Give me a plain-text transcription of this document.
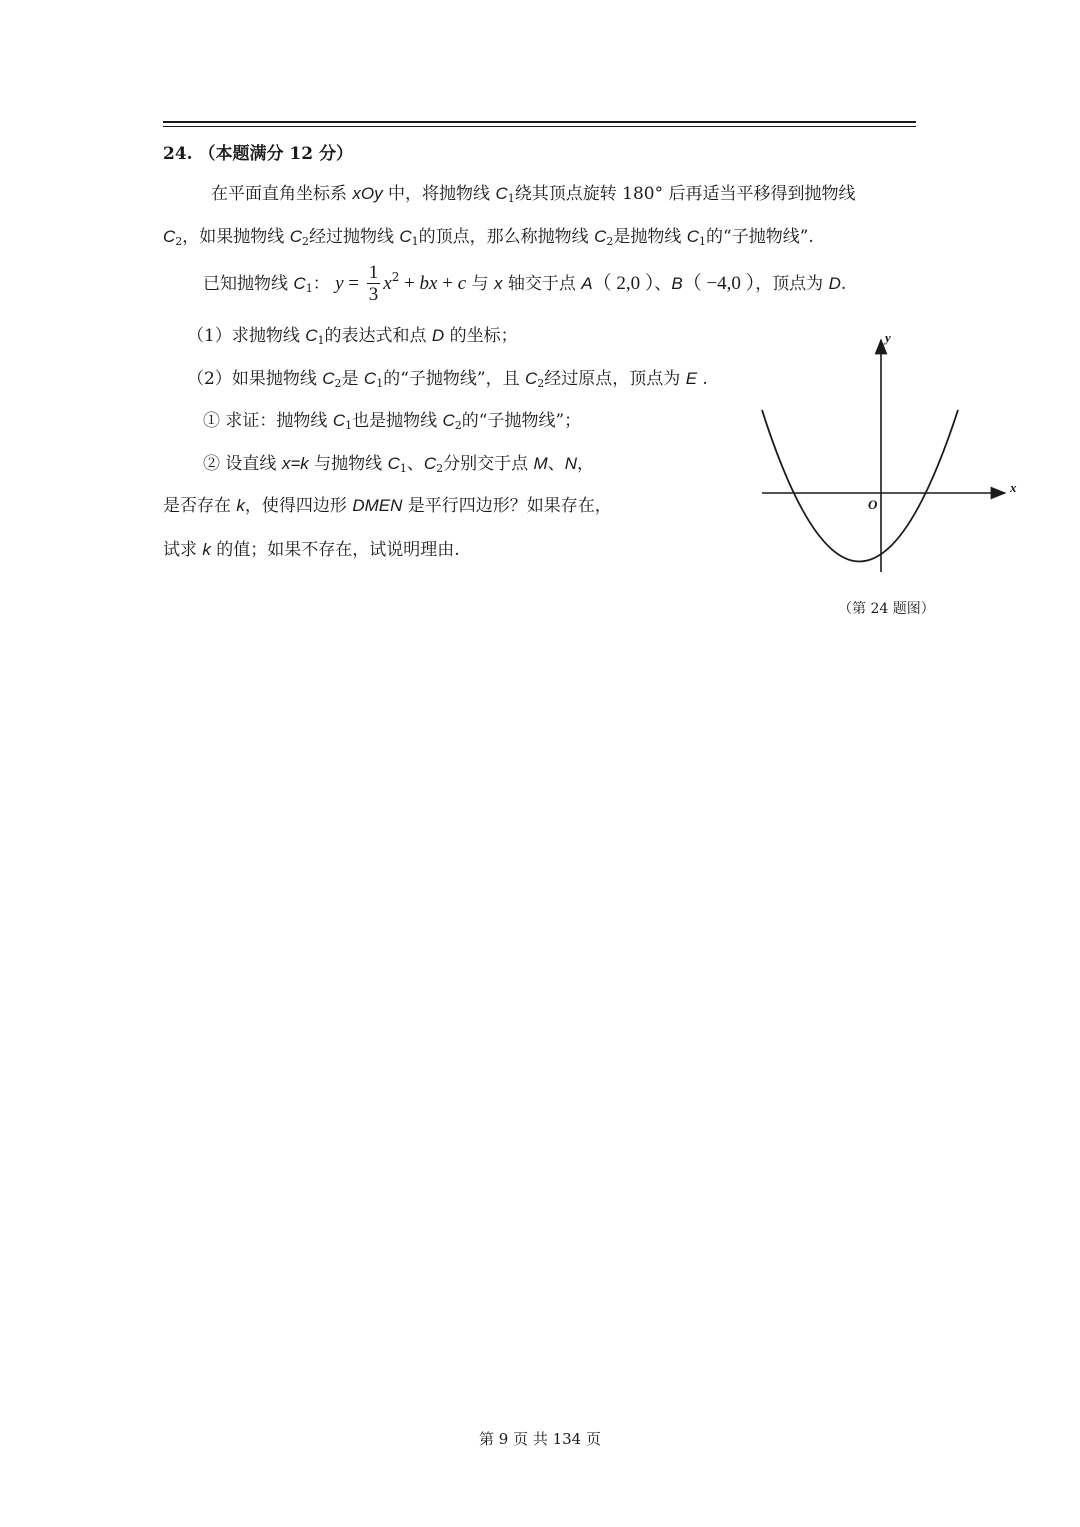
24. （本题满分 12 分）
在平面直角坐标系 xOy 中，将抛物线 $C_1$绕其顶点旋转 180° 后再适当平移得到抛物线
$C_2$，如果抛物线 $C_2$经过抛物线 $C_1$的顶点，那么称抛物线 $C_2$是抛物线 $C_1$的“子抛物线”.
已知抛物线 $C_1$： $y = \frac{1}{3} x^2$ + bx + c 与 x 轴交于点 A（ 2,0 ）、B（ −4,0 ），顶点为 D.
（1）求抛物线 $C_1$的表达式和点 D 的坐标；
（2）如果抛物线 $C_2$是 $C_1$的“子抛物线”，且 $C_2$经过原点，顶点为 E .
① 求证：抛物线 $C_1$也是抛物线 $C_2$的“子抛物线”；
② 设直线 x=k 与抛物线 $C_1$、$C_2$分别交于点 M、N，
是否存在 k，使得四边形 DMEN 是平行四边形？如果存在，
试求 k 的值；如果不存在，试说明理由.
y
x
O
（第 24 题图）
第 9 页 共 134 页
